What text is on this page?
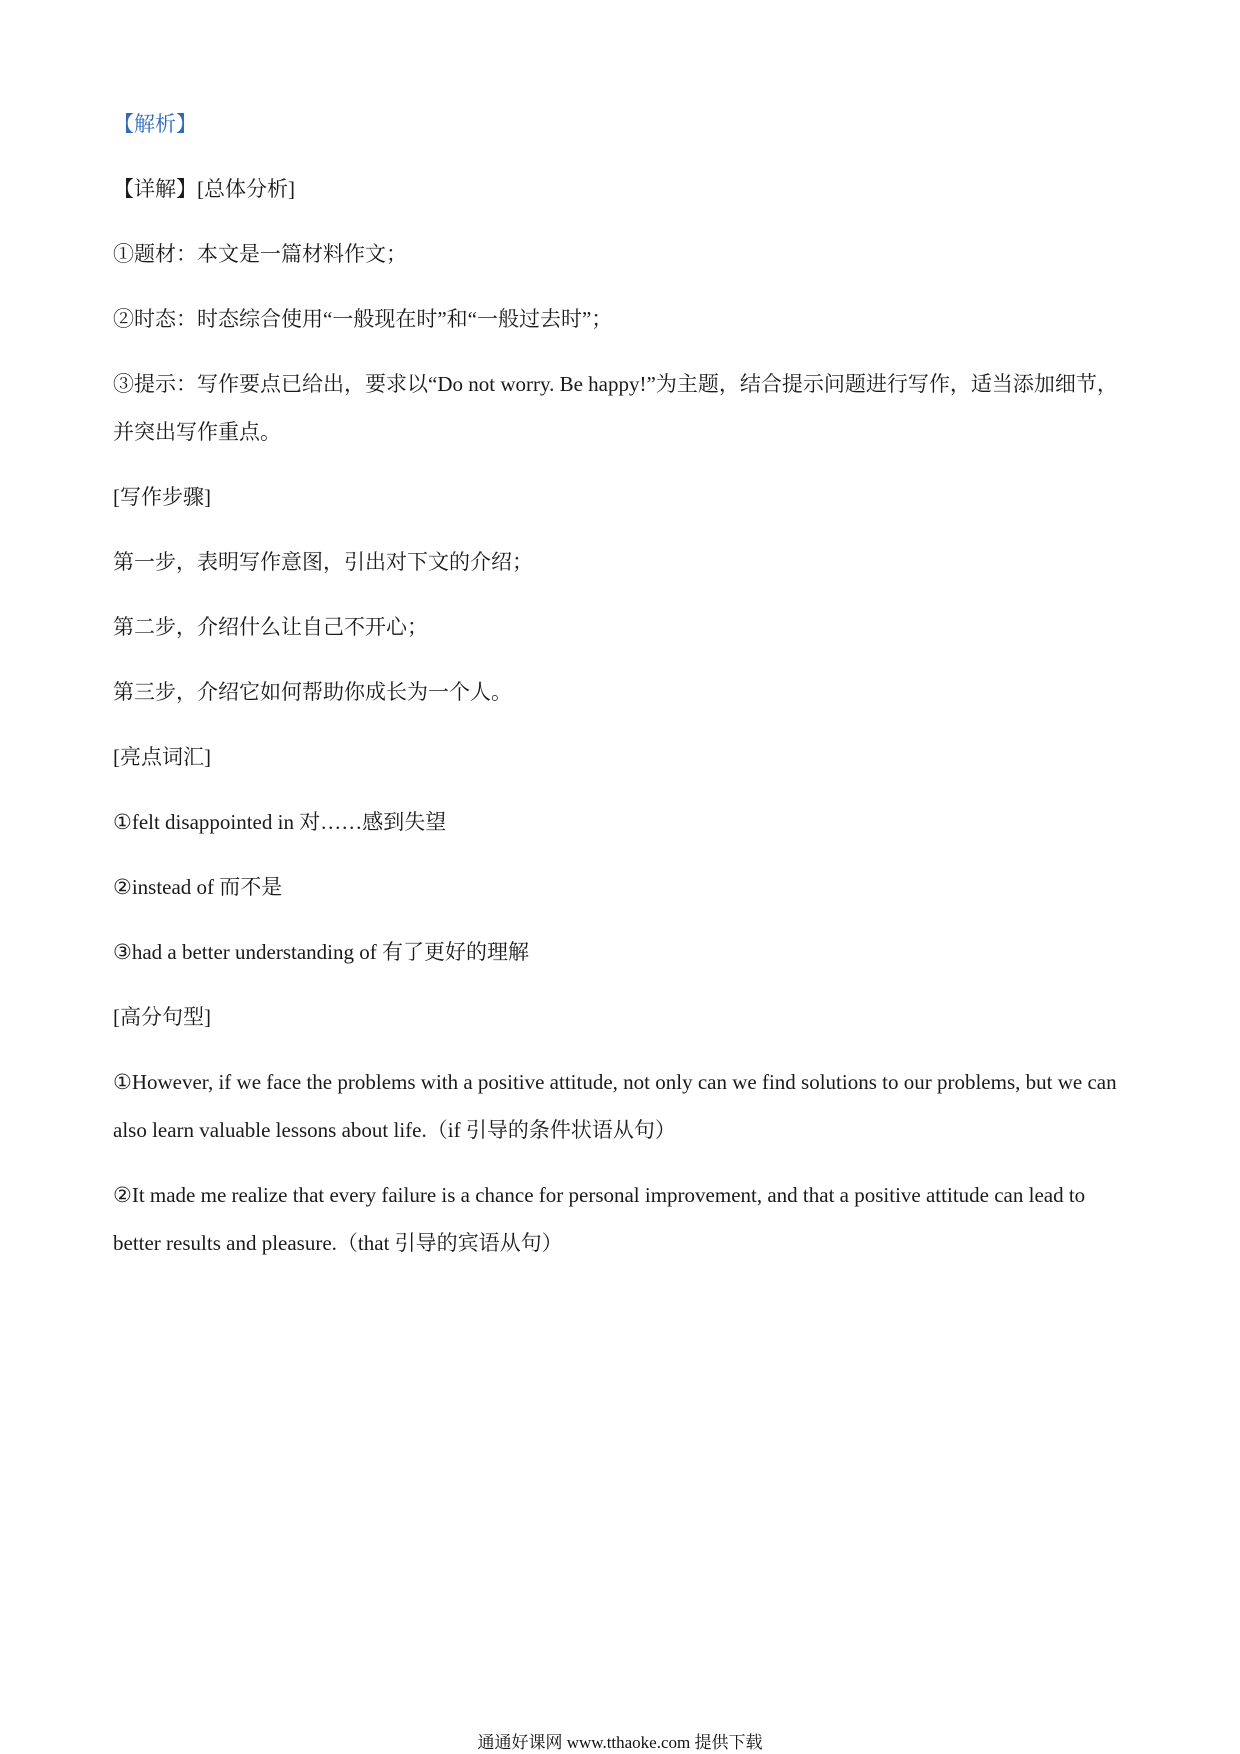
【解析】
【详解】[总体分析]
①题材：本文是一篇材料作文；
②时态：时态综合使用“一般现在时”和“一般过去时”；
③提示：写作要点已给出，要求以“Do not worry. Be happy!”为主题，结合提示问题进行写作，适当添加细节，并突出写作重点。
[写作步骤]
第一步，表明写作意图，引出对下文的介绍；
第二步，介绍什么让自己不开心；
第三步，介绍它如何帮助你成长为一个人。
[亮点词汇]
①felt disappointed in 对……感到失望
②instead of 而不是
③had a better understanding of 有了更好的理解
[高分句型]
①However, if we face the problems with a positive attitude, not only can we find solutions to our problems, but we can also learn valuable lessons about life.（if 引导的条件状语从句）
②It made me realize that every failure is a chance for personal improvement, and that a positive attitude can lead to better results and pleasure.（that 引导的宾语从句）
通通好课网 www.tthaoke.com 提供下载
